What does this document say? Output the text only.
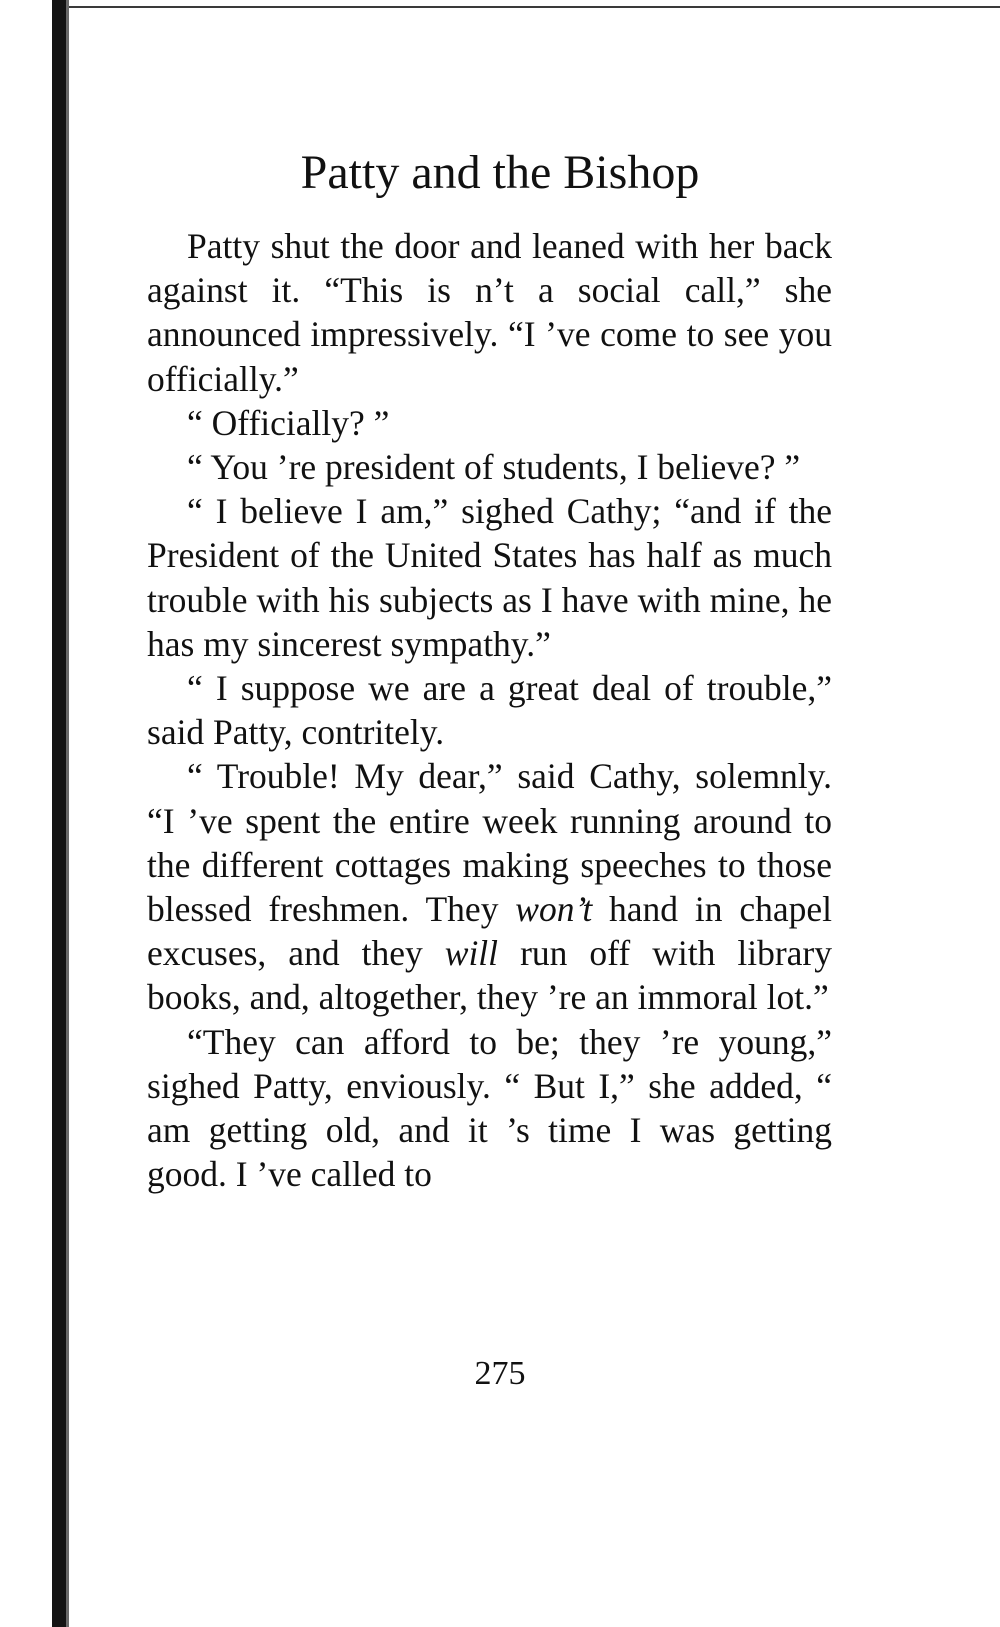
Patty and the Bishop

Patty shut the door and leaned with her back against it. “This is n’t a social call,” she announced impressively. “I ’ve come to see you officially.”

“ Officially? ”

“ You ’re president of students, I believe? ”

“ I believe I am,” sighed Cathy; “and if the President of the United States has half as much trouble with his subjects as I have with mine, he has my sincerest sympathy.”

“ I suppose we are a great deal of trouble,” said Patty, contritely.

“ Trouble! My dear,” said Cathy, solemnly. “I ’ve spent the entire week running around to the different cottages making speeches to those blessed freshmen. They won’t hand in chapel excuses, and they will run off with library books, and, altogether, they ’re an immoral lot.”

“They can afford to be; they ’re young,” sighed Patty, enviously. “ But I,” she added, “ am getting old, and it ’s time I was getting good. I ’ve called to

275
